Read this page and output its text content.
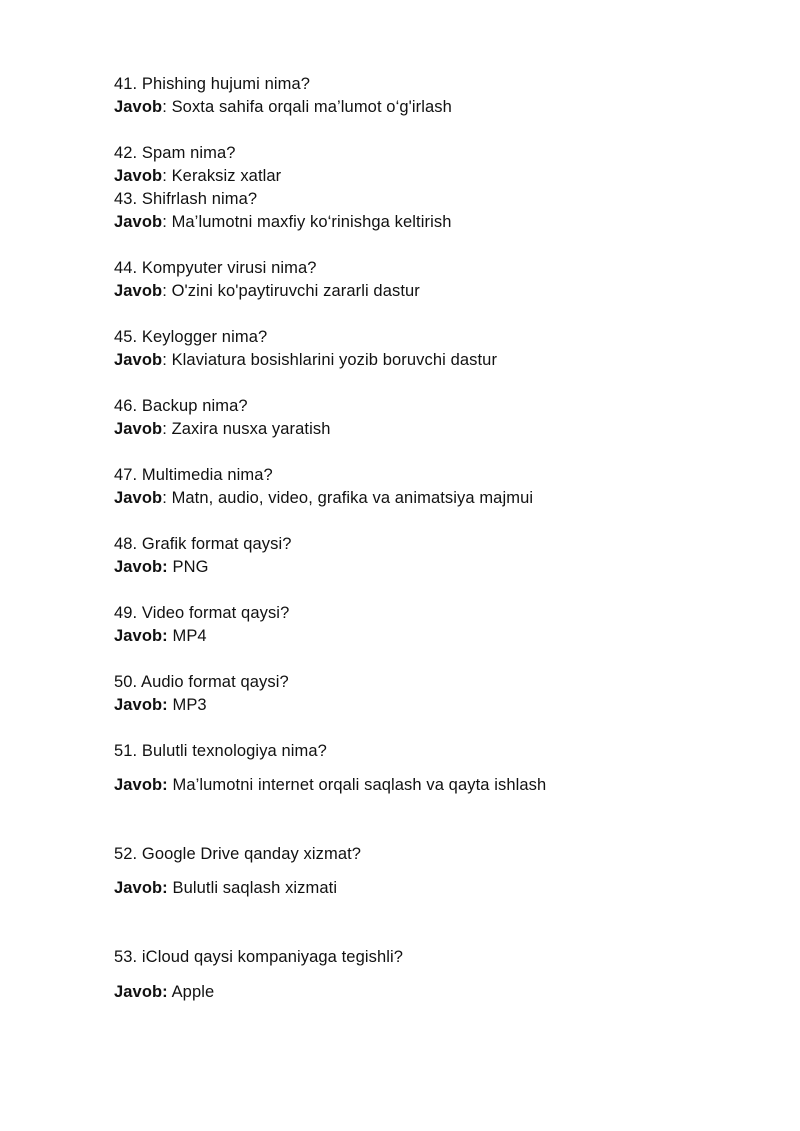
41. Phishing hujumi nima?
Javob: Soxta sahifa orqali ma’lumot o‘g'irlash
42. Spam nima?
Javob: Keraksiz xatlar
43. Shifrlash nima?
Javob: Ma’lumotni maxfiy ko‘rinishga keltirish
44. Kompyuter virusi nima?
Javob: O'zini ko'paytiruvchi zararli dastur
45. Keylogger nima?
Javob: Klaviatura bosishlarini yozib boruvchi dastur
46. Backup nima?
Javob: Zaxira nusxa yaratish
47. Multimedia nima?
Javob: Matn, audio, video, grafika va animatsiya majmui
48. Grafik format qaysi?
Javob: PNG
49. Video format qaysi?
Javob: MP4
50. Audio format qaysi?
Javob: MP3
51. Bulutli texnologiya nima?
Javob: Ma’lumotni internet orqali saqlash va qayta ishlash
52. Google Drive qanday xizmat?
Javob: Bulutli saqlash xizmati
53. iCloud qaysi kompaniyaga tegishli?
Javob: Apple
